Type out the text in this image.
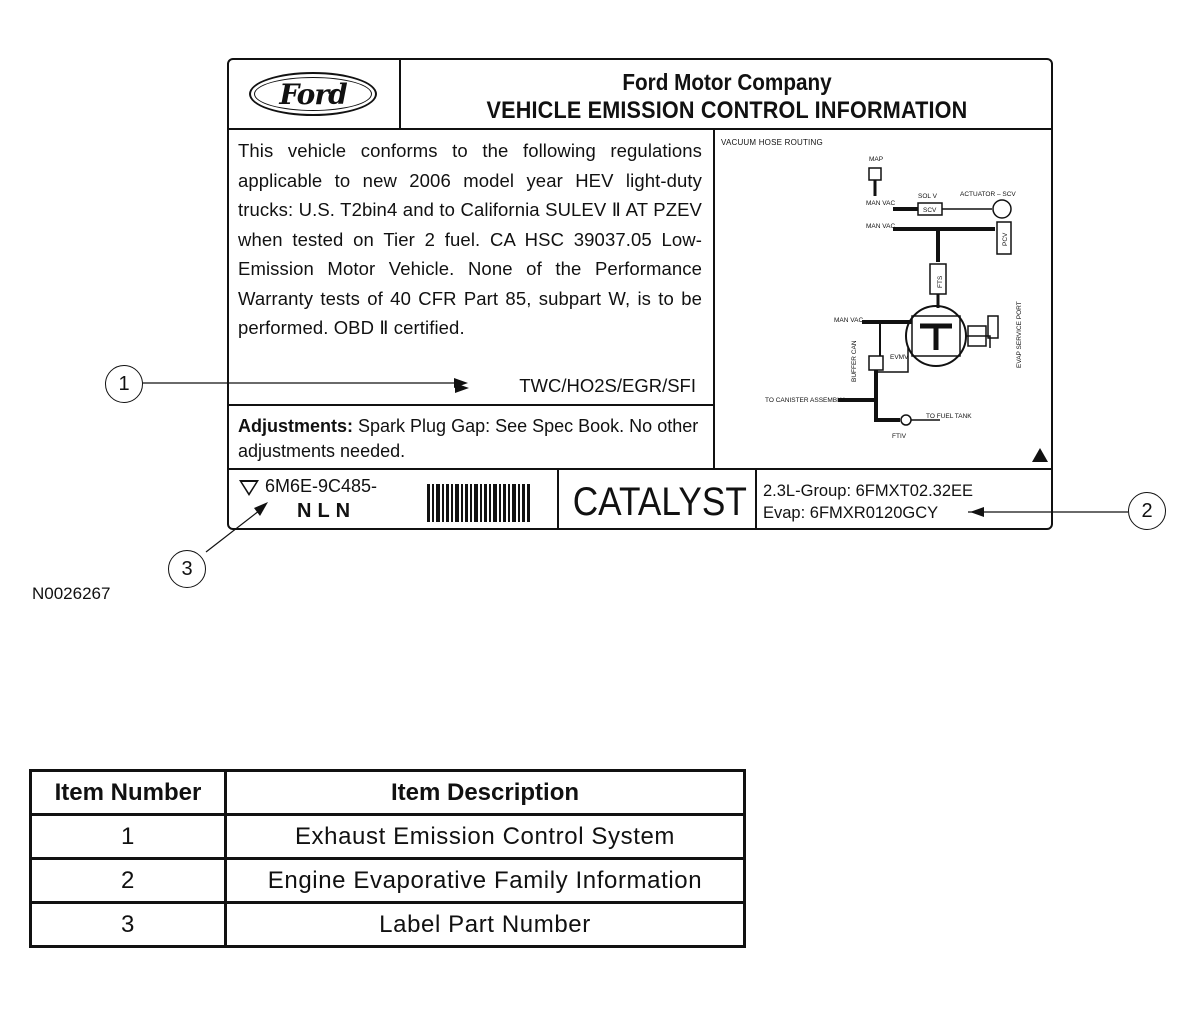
Ford	Ford Motor Company
VEHICLE EMISSION CONTROL INFORMATION
This vehicle conforms to the following regulations applicable to new 2006 model year HEV light-duty trucks: U.S. T2bin4 and to California SULEV Ⅱ AT PZEV when tested on Tier 2 fuel. CA HSC 39037.05 Low-Emission Motor Vehicle. None of the Performance Warranty tests of 40 CFR Part 85, subpart W, is to be performed. OBD Ⅱ certified.
TWC/HO2S/EGR/SFI
Adjustments: Spark Plug Gap: See Spec Book. No other adjustments needed.
VACUUM HOSE ROUTING
6M6E-9C485-
NLN	CATALYST 2.3L-Group: 6FMXT02.32EE
Evap: 6FMXR0120GCY
MAP
MAN VAC
SOL V
SCV
ACTUATOR – SCV
MAN VAC
PCV
FTS
MAN VAC
BUFFER CAN	EVMV	EVAP SERVICE PORT
TO CANISTER ASSEMBLY
TO FUEL TANK
FTIV
1
2
3
N0026267
Item Number	Item Description
1	Exhaust Emission Control System
2	Engine Evaporative Family Information
3	Label Part Number
